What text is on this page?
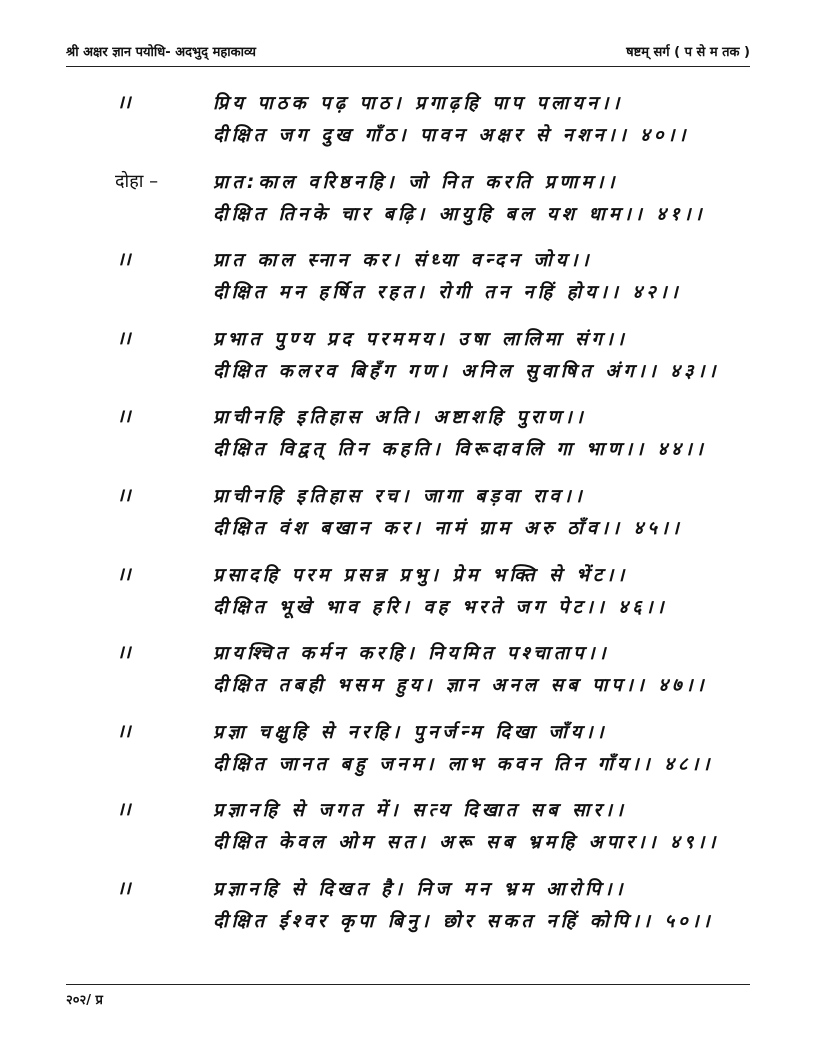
श्री अक्षर ज्ञान पयोधि- अदभुद् महाकाव्य	षष्टम् सर्ग ( प से म तक )
।।	प्रिय पाठक पढ़ पाठ। प्रगाढ़हि पाप पलायन।।
दीक्षित जग दुख गाँठ। पावन अक्षर से नशन।। ४०।।
दोहा –	प्रात:काल वरिष्ठनहि। जो नित करति प्रणाम।।
दीक्षित तिनके चार बढ़ि। आयुहि बल यश धाम।। ४१।।
।।	प्रात काल स्नान कर। संध्या वन्दन जोय।।
दीक्षित मन हर्षित रहत। रोगी तन नहिं होय।। ४२।।
।।	प्रभात पुण्य प्रद परममय। उषा लालिमा संग।।
दीक्षित कलरव बिहँग गण। अनिल सुवाषित अंग।। ४३।।
।।	प्राचीनहि इतिहास अति। अष्टाशहि पुराण।।
दीक्षित विद्वत् तिन कहति। विरूदावलि गा भाण।। ४४।।
।।	प्राचीनहि इतिहास रच। जागा बड़वा राव।।
दीक्षित वंश बखान कर। नामं ग्राम अरु ठाँव।। ४५।।
।।	प्रसादहि परम प्रसन्न प्रभु। प्रेम भक्ति से भेंट।।
दीक्षित भूखे भाव हरि। वह भरते जग पेट।। ४६।।
।।	प्रायश्चित कर्मन करहि। नियमित पश्चाताप।।
दीक्षित तबही भसम हुय। ज्ञान अनल सब पाप।। ४७।।
।।	प्रज्ञा चक्षुहि से नरहि। पुनर्जन्म दिखा जाँय।।
दीक्षित जानत बहु जनम। लाभ कवन तिन गाँय।। ४८।।
।।	प्रज्ञानहि से जगत में। सत्य दिखात सब सार।।
दीक्षित केवल ओम सत। अरू सब भ्रमहि अपार।। ४९।।
।।	प्रज्ञानहि से दिखत है। निज मन भ्रम आरोपि।।
दीक्षित ईश्वर कृपा बिनु। छोर सकत नहिं कोपि।। ५०।।
२०२/ प्र
